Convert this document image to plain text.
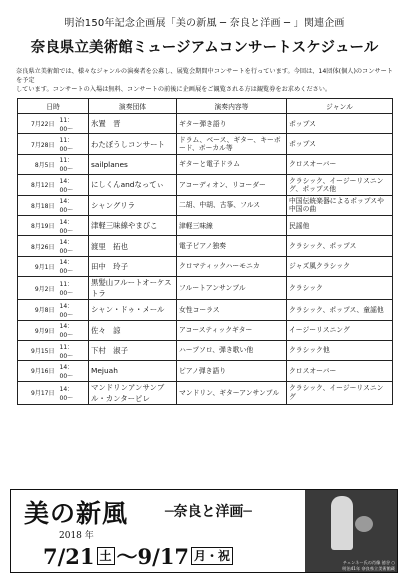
明治150年記念企画展「美の新風 ─ 奈良と洋画 ─ 」関連企画
奈良県立美術館ミュージアムコンサートスケジュール
奈良県立美術館では、様々なジャンルの演奏者を公募し、展覧会期間中コンサートを行っています。今回は、14団体(個人)のコンサートを予定
しています。コンサートの入場は無料、コンサートの前後に企画展をご観覧される方は観覧券をお求めください。
日時		演奏団体	演奏内容等	ジャンル
7月22日	11：00〜	氷置　晋	ギター弾き語り	ポップス
7月28日	11：00〜	わたぼうしコンサート	ドラム、ベース、ギター、キーボード、ボーカル等	ポップス
8月5日	11：00〜	sailplanes	ギターと電子ドラム	クロスオーバー
8月12日	14：00〜	にしくんandなってぃ	アコーディオン、リコーダー	クラシック、イージーリスニング、ポップス他
8月18日	14：00〜	シャングリラ	二胡、中胡、古筝、フルス	中国伝統楽器によるポップスや中国の曲
8月19日	14：00〜	津軽三味線やまびこ	津軽三味線	民謡他
8月26日	14：00〜	渡里　拓也	電子ピアノ独奏	クラシック、ポップス
9月1日	14：00〜	田中　玲子	クロマティックハーモニカ	ジャズ風クラシック
9月2日	11：00〜	黒髪山フルートオーケストラ	フルートアンサンブル	クラシック
9月8日	14：00〜	シャン・ドゥ・メール	女性コーラス	クラシック、ポップス、童謡他
9月9日	14：00〜	佐々　諒	アコースティックギター	イージーリスニング
9月15日	11：00〜	下村　淑子	ハープソロ、弾き歌い他	クラシック他
9月16日	14：00〜	Mejuah	ピアノ弾き語り	クロスオーバー
9月17日	14：00〜	マンドリンアンサンブル・カンターピレ	マンドリン、ギターアンサンブル	クラシック、イージーリスニング
美の新風	─奈良と洋画─
2018 年
7/21 土 〜9/17 月・祝	チェンネー氏の肖像 徳谷 ○
明治41年 奈良県立美術館蔵
